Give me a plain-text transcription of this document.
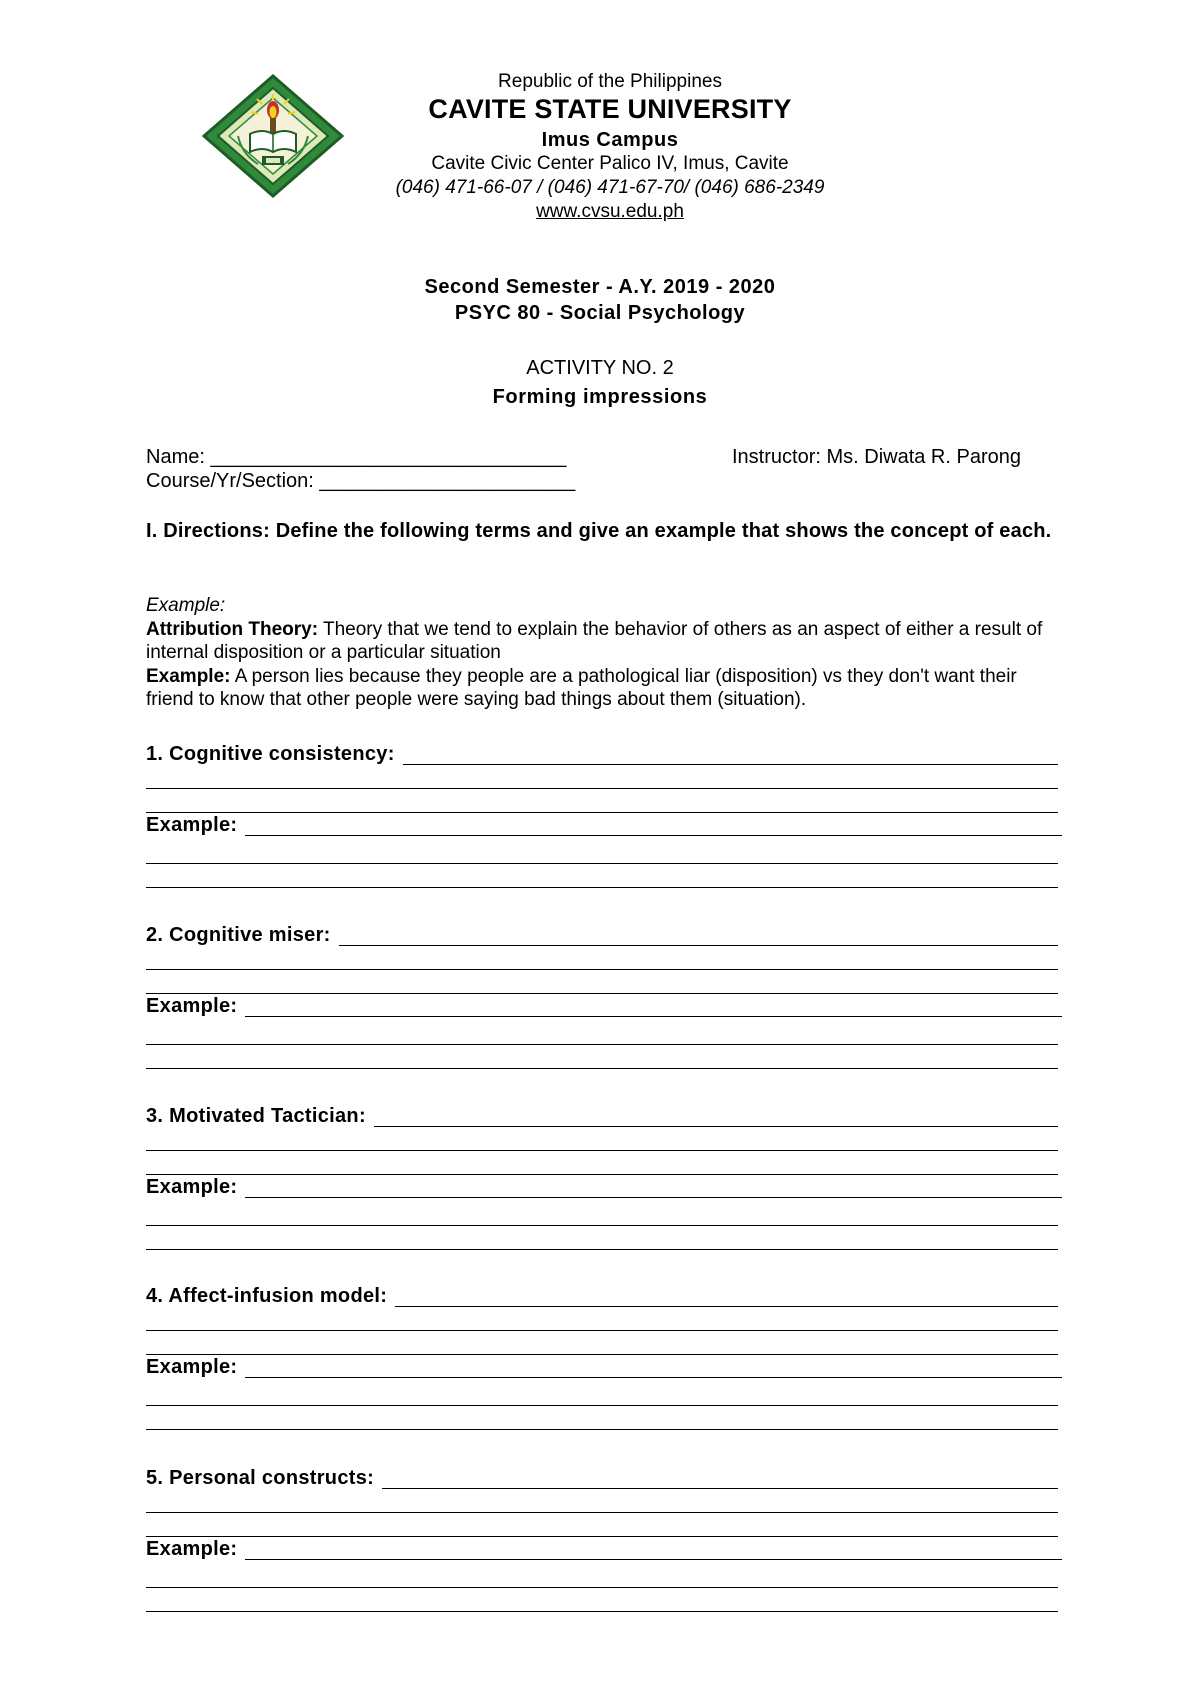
Republic of the Philippines
CAVITE STATE UNIVERSITY
Imus Campus
Cavite Civic Center Palico IV, Imus, Cavite
(046) 471-66-07 / (046) 471-67-70/ (046) 686-2349
www.cvsu.edu.ph
Second Semester - A.Y. 2019 - 2020
PSYC 80 - Social Psychology
ACTIVITY NO. 2
Forming impressions
Name: ________________________________	Instructor: Ms. Diwata R. Parong
Course/Yr/Section: _______________________
I. Directions: Define the following terms and give an example that shows the concept of each.
Example:
Attribution Theory: Theory that we tend to explain the behavior of others as an aspect of either a result of internal disposition or a particular situation
Example: A person lies because they people are a pathological liar (disposition) vs they don't want their friend to know that other people were saying bad things about them (situation).
1. Cognitive consistency:
Example:
2. Cognitive miser:
Example:
3. Motivated Tactician:
Example:
4. Affect-infusion model:
Example:
5. Personal constructs:
Example:
